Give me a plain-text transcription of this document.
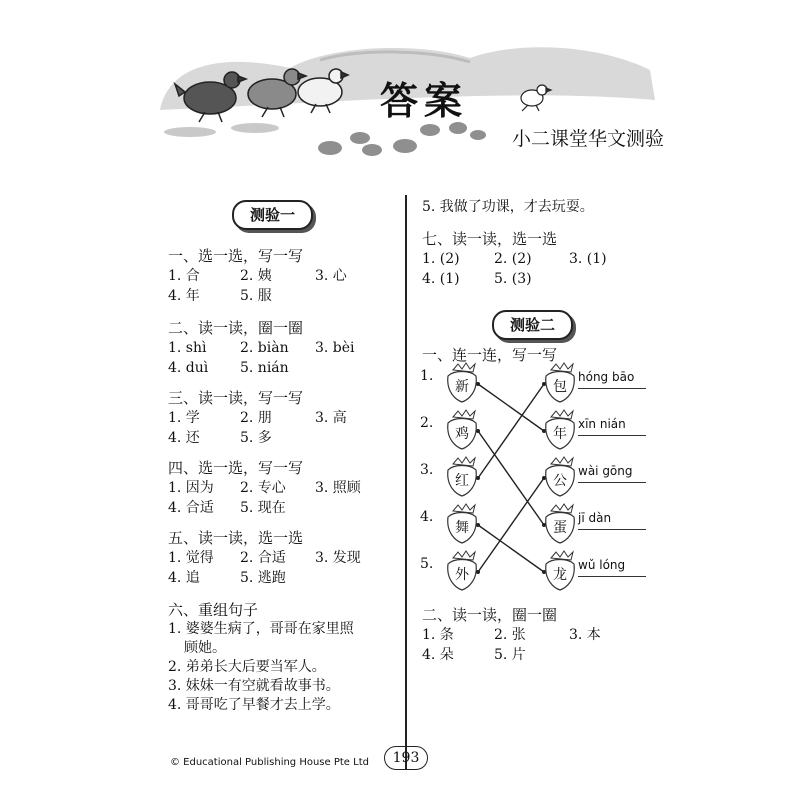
答案
小二课堂华文测验
测验一
一、选一选，写一写
1. 合	2. 姨	3. 心
4. 年	5. 服
二、读一读，圈一圈
1. shì 2. biàn 3. bèi
4. duì 5. nián
三、读一读，写一写
1. 学	2. 朋	3. 高
4. 还	5. 多
四、选一选，写一写
1. 因为 2. 专心 3. 照顾
4. 合适 5. 现在
五、读一读，选一选
1. 觉得 2. 合适 3. 发现
4. 追	5. 逃跑
六、重组句子
1. 婆婆生病了，哥哥在家里照
顾她。
2. 弟弟长大后要当军人。
3. 妹妹一有空就看故事书。
4. 哥哥吃了早餐才去上学。
5. 我做了功课，才去玩耍。
七、读一读，选一选
1. (2) 2. (2)	3. (1)
4. (1) 5. (3)
测验二
一、连一连，写一写
1.
新	包
hóng bāo
2.
鸡	年
xīn nián
3.
红	公
wài gōng
4.
舞	蛋
jī dàn
5.
外	龙
wǔ lóng
二、读一读，圈一圈
1. 条	2. 张	3. 本
4. 朵	5. 片
© Educational Publishing House Pte Ltd	193
